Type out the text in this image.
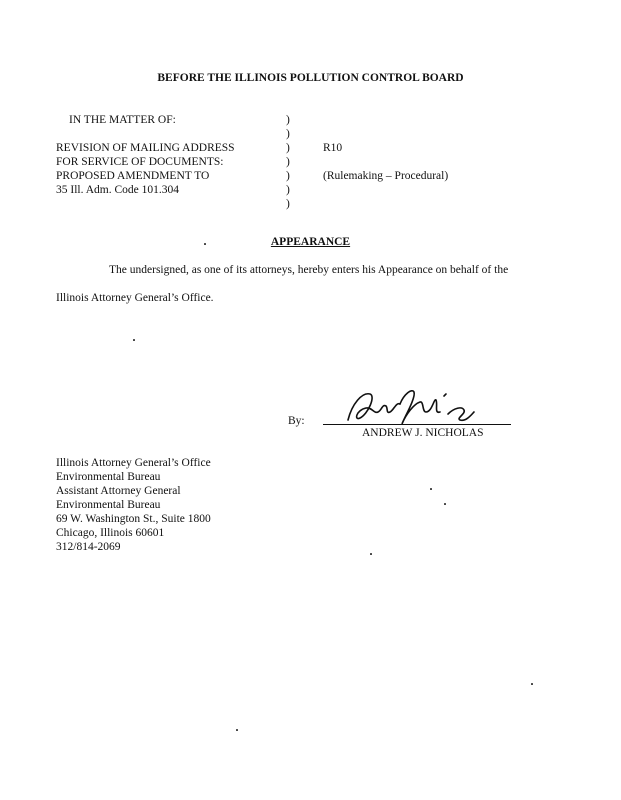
BEFORE THE ILLINOIS POLLUTION CONTROL BOARD
IN THE MATTER OF:
REVISION OF MAILING ADDRESS
FOR SERVICE OF DOCUMENTS:
PROPOSED AMENDMENT TO
35 Ill. Adm. Code 101.304
)
)
)
)
)
)
)
R10
(Rulemaking – Procedural)
APPEARANCE
The undersigned, as one of its attorneys, hereby enters his Appearance on behalf of the
Illinois Attorney General’s Office.
By:
ANDREW J. NICHOLAS
Illinois Attorney General’s Office
Environmental Bureau
Assistant Attorney General
Environmental Bureau
69 W. Washington St., Suite 1800
Chicago, Illinois 60601
312/814-2069
